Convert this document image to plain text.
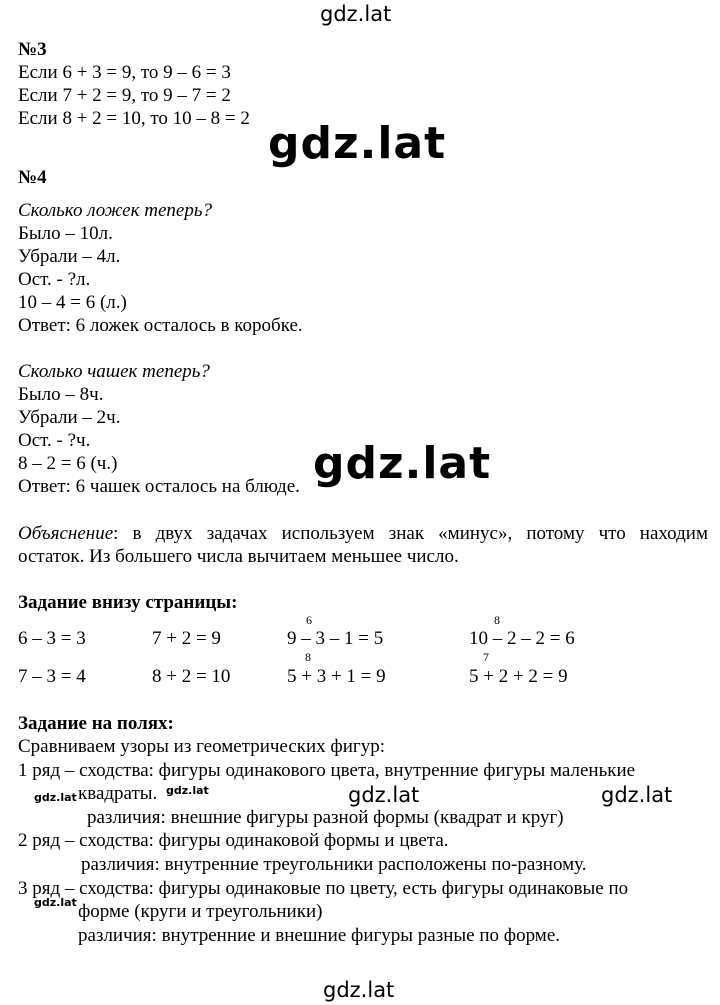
gdz.lat
gdz.lat
gdz.lat
№3
Если 6 + 3 = 9, то 9 – 6 = 3
Если 7 + 2 = 9, то 9 – 7 = 2
Если 8 + 2 = 10, то 10 – 8 = 2
№4
Сколько ложек теперь?
Было – 10л.
Убрали – 4л.
Ост. - ?л.
10 – 4 = 6 (л.)
Ответ: 6 ложек осталось в коробке.
Сколько чашек теперь?
Было – 8ч.
Убрали – 2ч.
Ост. - ?ч.
8 – 2 = 6 (ч.)
Ответ: 6 чашек осталось на блюде.
Объяснение: в двух задачах используем знак «минус», потому что находим
остаток. Из большего числа вычитаем меньшее число.
Задание внизу страницы:
6	8
6 – 3 = 3	7 + 2 = 9	9 – 3 – 1 = 5	10 – 2 – 2 = 6
8	7
7 – 3 = 4	8 + 2 = 10	5 + 3 + 1 = 9	5 + 2 + 2 = 9
Задание на полях:
Сравниваем узоры из геометрических фигур:
1 ряд – сходства: фигуры одинакового цвета, внутренние фигуры маленькие
квадраты.
различия: внешние фигуры разной формы (квадрат и круг)
2 ряд – сходства: фигуры одинаковой формы и цвета.
различия: внутренние треугольники расположены по-разному.
3 ряд – сходства: фигуры одинаковые по цвету, есть фигуры одинаковые по
форме (круги и треугольники)
различия: внутренние и внешние фигуры разные по форме.
gdz.lat
gdz.lat	gdz.lat	gdz.lat
gdz.lat
gdz.lat
